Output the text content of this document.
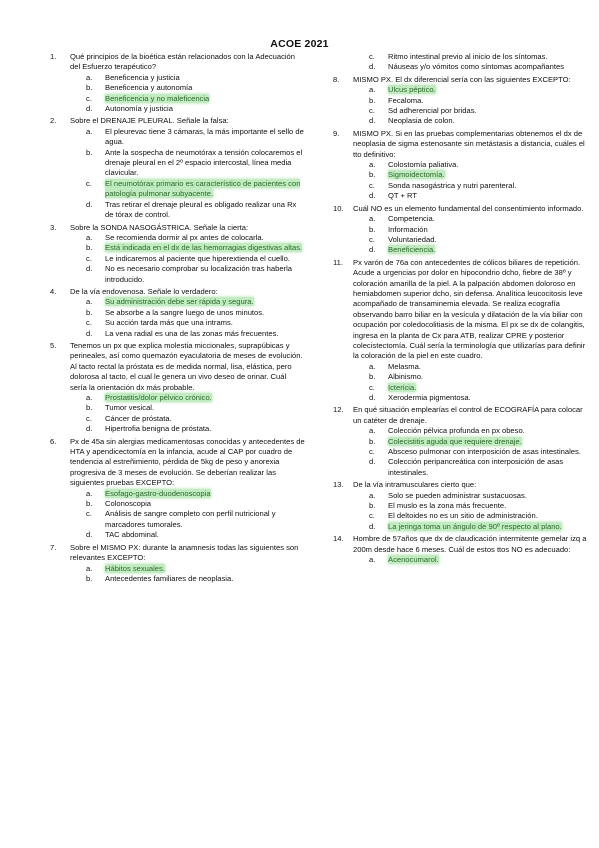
ACOE 2021
1.	Qué principios de la bioética están relacionados con la Adecuación del Esfuerzo terapéutico?
a.	Beneficencia y justicia
b.	Beneficencia y autonomía
c.	Beneficencia y no maleficencia
d.	Autonomía y justicia
2.	Sobre el DRENAJE PLEURAL. Señale la falsa:
a.	El pleurevac tiene 3 cámaras, la más importante el sello de agua.
b.	Ante la sospecha de neumotórax a tensión colocaremos el drenaje pleural en el 2º espacio intercostal, línea media clavicular.
c.	El neumotórax primario es característico de pacientes con patología pulmonar subyacente.
d.	Tras retirar el drenaje pleural es obligado realizar una Rx de tórax de control.
3.	Sobre la SONDA NASOGÁSTRICA. Señale la cierta:
a.	Se recomienda dormir al px antes de colocarla.
b.	Está indicada en el dx de las hemorragias digestivas altas.
c.	Le indicaremos al paciente que hiperextienda el cuello.
d.	No es necesario comprobar su localización tras haberla introducido.
4.	De la vía endovenosa. Señale lo verdadero:
a.	Su administración debe ser rápida y segura.
b.	Se absorbe a la sangre luego de unos minutos.
c.	Su acción tarda más que una intrams.
d.	La vena radial es una de las zonas más frecuentes.
5.	Tenemos un px que explica molestia miccionales, suprapúbicas y perineales, así como quemazón eyaculatoria de meses de evolución. Al tacto rectal la próstata es de medida normal, lisa, elástica, pero dolorosa al tacto, el cual le genera un vivo deseo de orinar. Cuál sería la orientación dx más probable.
a.	Prostatitis/dolor pélvico crónico.
b.	Tumor vesical.
c.	Cáncer de próstata.
d.	Hipertrofia benigna de próstata.
6.	Px de 45a sin alergias medicamentosas conocidas y antecedentes de HTA y apendicectomía en la infancia, acude al CAP por cuadro de tendencia al estreñimiento, pérdida de 5kg de peso y anorexia progresiva de 3 meses de evolución. Se deberían realizar las siguientes pruebas EXCEPTO:
a.	Esofago-gastro-duodenoscopia
b.	Colonoscopia
c.	Análisis de sangre completo con perfil nutricional y marcadores tumorales.
d.	TAC abdominal.
7.	Sobre el MISMO PX: durante la anamnesis todas las siguientes son relevantes EXCEPTO:
a.	Hábitos sexuales.
b.	Antecedentes familiares de neoplasia.
c.	Ritmo intestinal previo al inicio de los síntomas.
d.	Náuseas y/o vómitos como síntomas acompañantes
8.	MISMO PX. El dx diferencial sería con las siguientes EXCEPTO:
a.	Ulcus péptico.
b.	Fecaloma.
c.	Sd adherencial por bridas.
d.	Neoplasia de colon.
9.	MISMO PX. Si en las pruebas complementarias obtenemos el dx de neoplasia de sigma estenosante sin metástasis a distancia, cuáles el tto definitivo:
a.	Colostomía paliativa.
b.	Sigmoidectomía.
c.	Sonda nasogástrica y nutri parenteral.
d.	QT + RT
10.	Cuál NO es un elemento fundamental del consentimiento informado.
a.	Competencia.
b.	Información
c.	Voluntariedad.
d.	Beneficiencia.
11.	Px varón de 76a con antecedentes de cólicos biliares de repetición. Acude a urgencias por dolor en hipocondrio dcho, fiebre de 38º y coloración amarilla de la piel. A la palpación abdomen doloroso en hemiabdomen superior dcho, sin defensa. Analítica leucocitosis leve acompañado de transaminemia elevada. Se realiza ecografía observando barro biliar en la vesícula y dilatación de la vía biliar con ocupación por coledocolitiasis de la misma. El px se dx de colangitis, ingresa en la planta de Cx para ATB, realizar CPRE y posterior colecistectomía. Cuál sería la terminología que utilizarías para definir la coloración de la piel en este cuadro.
a.	Melasma.
b.	Albinismo.
c.	Ictericia.
d.	Xerodermia pigmentosa.
12.	En qué situación emplearías el control de ECOGRAFÍA para colocar un catéter de drenaje.
a.	Colección pélvica profunda en px obeso.
b.	Colecistitis aguda que requiere drenaje.
c.	Absceso pulmonar con interposición de asas intestinales.
d.	Colección peripancreática con interposición de asas intestinales.
13.	De la vía intramusculares cierto que:
a.	Solo se pueden administrar sustacuosas.
b.	El muslo es la zona más frecuente.
c.	El deltoides no es un sitio de administración.
d.	La jeringa toma un ángulo de 90º respecto al plano.
14.	Hombre de 57años que dx de claudicación intermitente gemelar izq a 200m desde hace 6 meses. Cuál de estos ttos NO es adecuado:
a.	Acenocumarol.
